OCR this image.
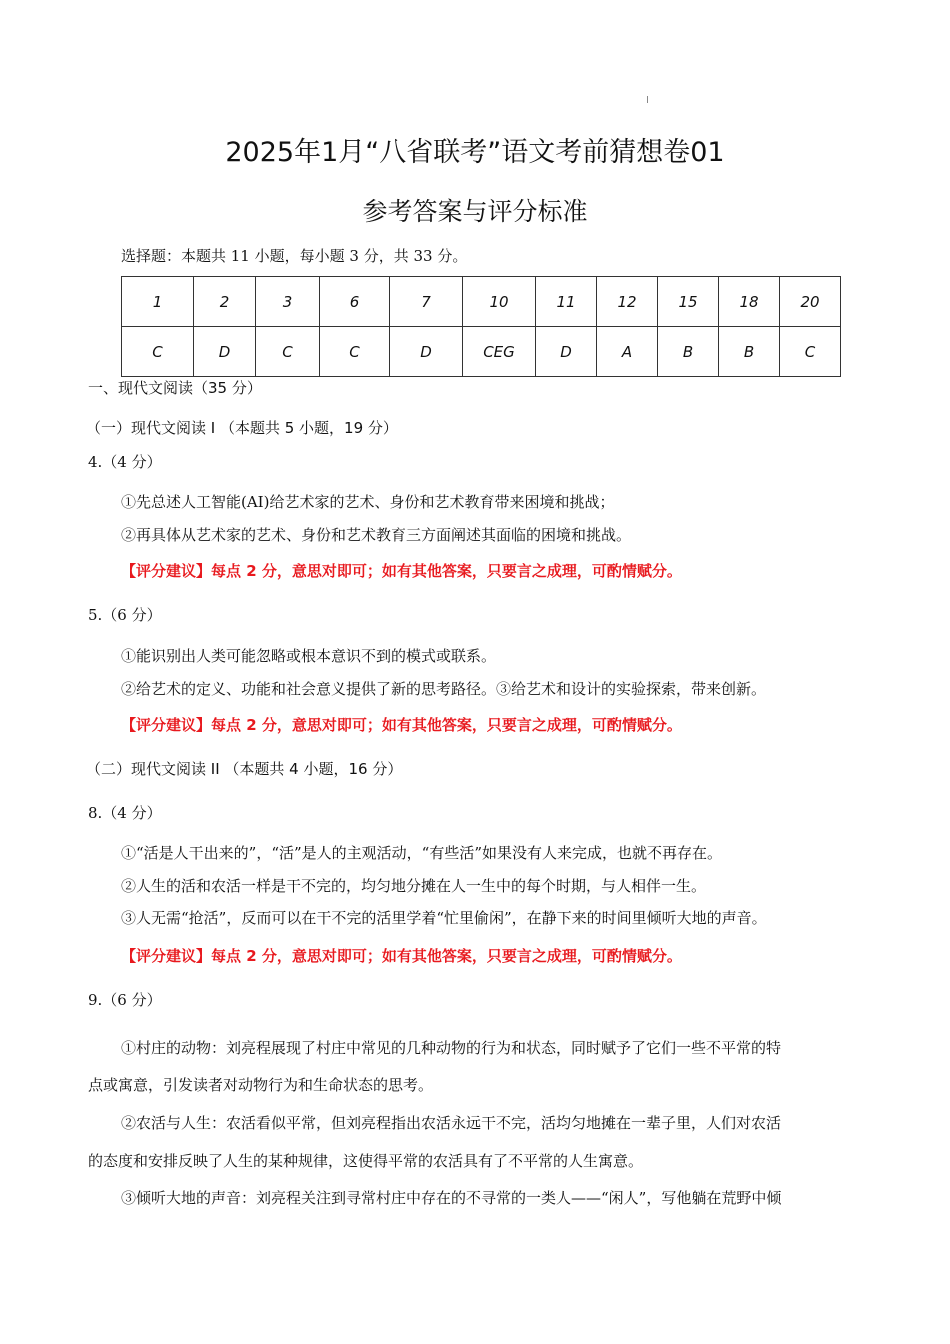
2025年1月“八省联考”语文考前猜想卷01
参考答案与评分标准
选择题：本题共 11 小题，每小题 3 分，共 33 分。
1	2	3	6	7	10	11	12	15	18	20
C	D	C	C	D	CEG	D	A	B	B	C
一、现代文阅读（35 分）
（一）现代文阅读 I （本题共 5 小题，19 分）
4.（4 分）
①先总述人工智能(AI)给艺术家的艺术、身份和艺术教育带来困境和挑战；
②再具体从艺术家的艺术、身份和艺术教育三方面阐述其面临的困境和挑战。
【评分建议】每点 2 分，意思对即可；如有其他答案，只要言之成理，可酌情赋分。
5.（6 分）
①能识别出人类可能忽略或根本意识不到的模式或联系。
②给艺术的定义、功能和社会意义提供了新的思考路径。③给艺术和设计的实验探索，带来创新。
【评分建议】每点 2 分，意思对即可；如有其他答案，只要言之成理，可酌情赋分。
（二）现代文阅读 II （本题共 4 小题，16 分）
8.（4 分）
①“活是人干出来的”，“活”是人的主观活动，“有些活”如果没有人来完成，也就不再存在。
②人生的活和农活一样是干不完的，均匀地分摊在人一生中的每个时期，与人相伴一生。
③人无需“抢活”，反而可以在干不完的活里学着“忙里偷闲”，在静下来的时间里倾听大地的声音。
【评分建议】每点 2 分，意思对即可；如有其他答案，只要言之成理，可酌情赋分。
9.（6 分）
①村庄的动物：刘亮程展现了村庄中常见的几种动物的行为和状态，同时赋予了它们一些不平常的特
点或寓意，引发读者对动物行为和生命状态的思考。
②农活与人生：农活看似平常，但刘亮程指出农活永远干不完，活均匀地摊在一辈子里，人们对农活
的态度和安排反映了人生的某种规律，这使得平常的农活具有了不平常的人生寓意。
③倾听大地的声音：刘亮程关注到寻常村庄中存在的不寻常的一类人——“闲人”，写他躺在荒野中倾
